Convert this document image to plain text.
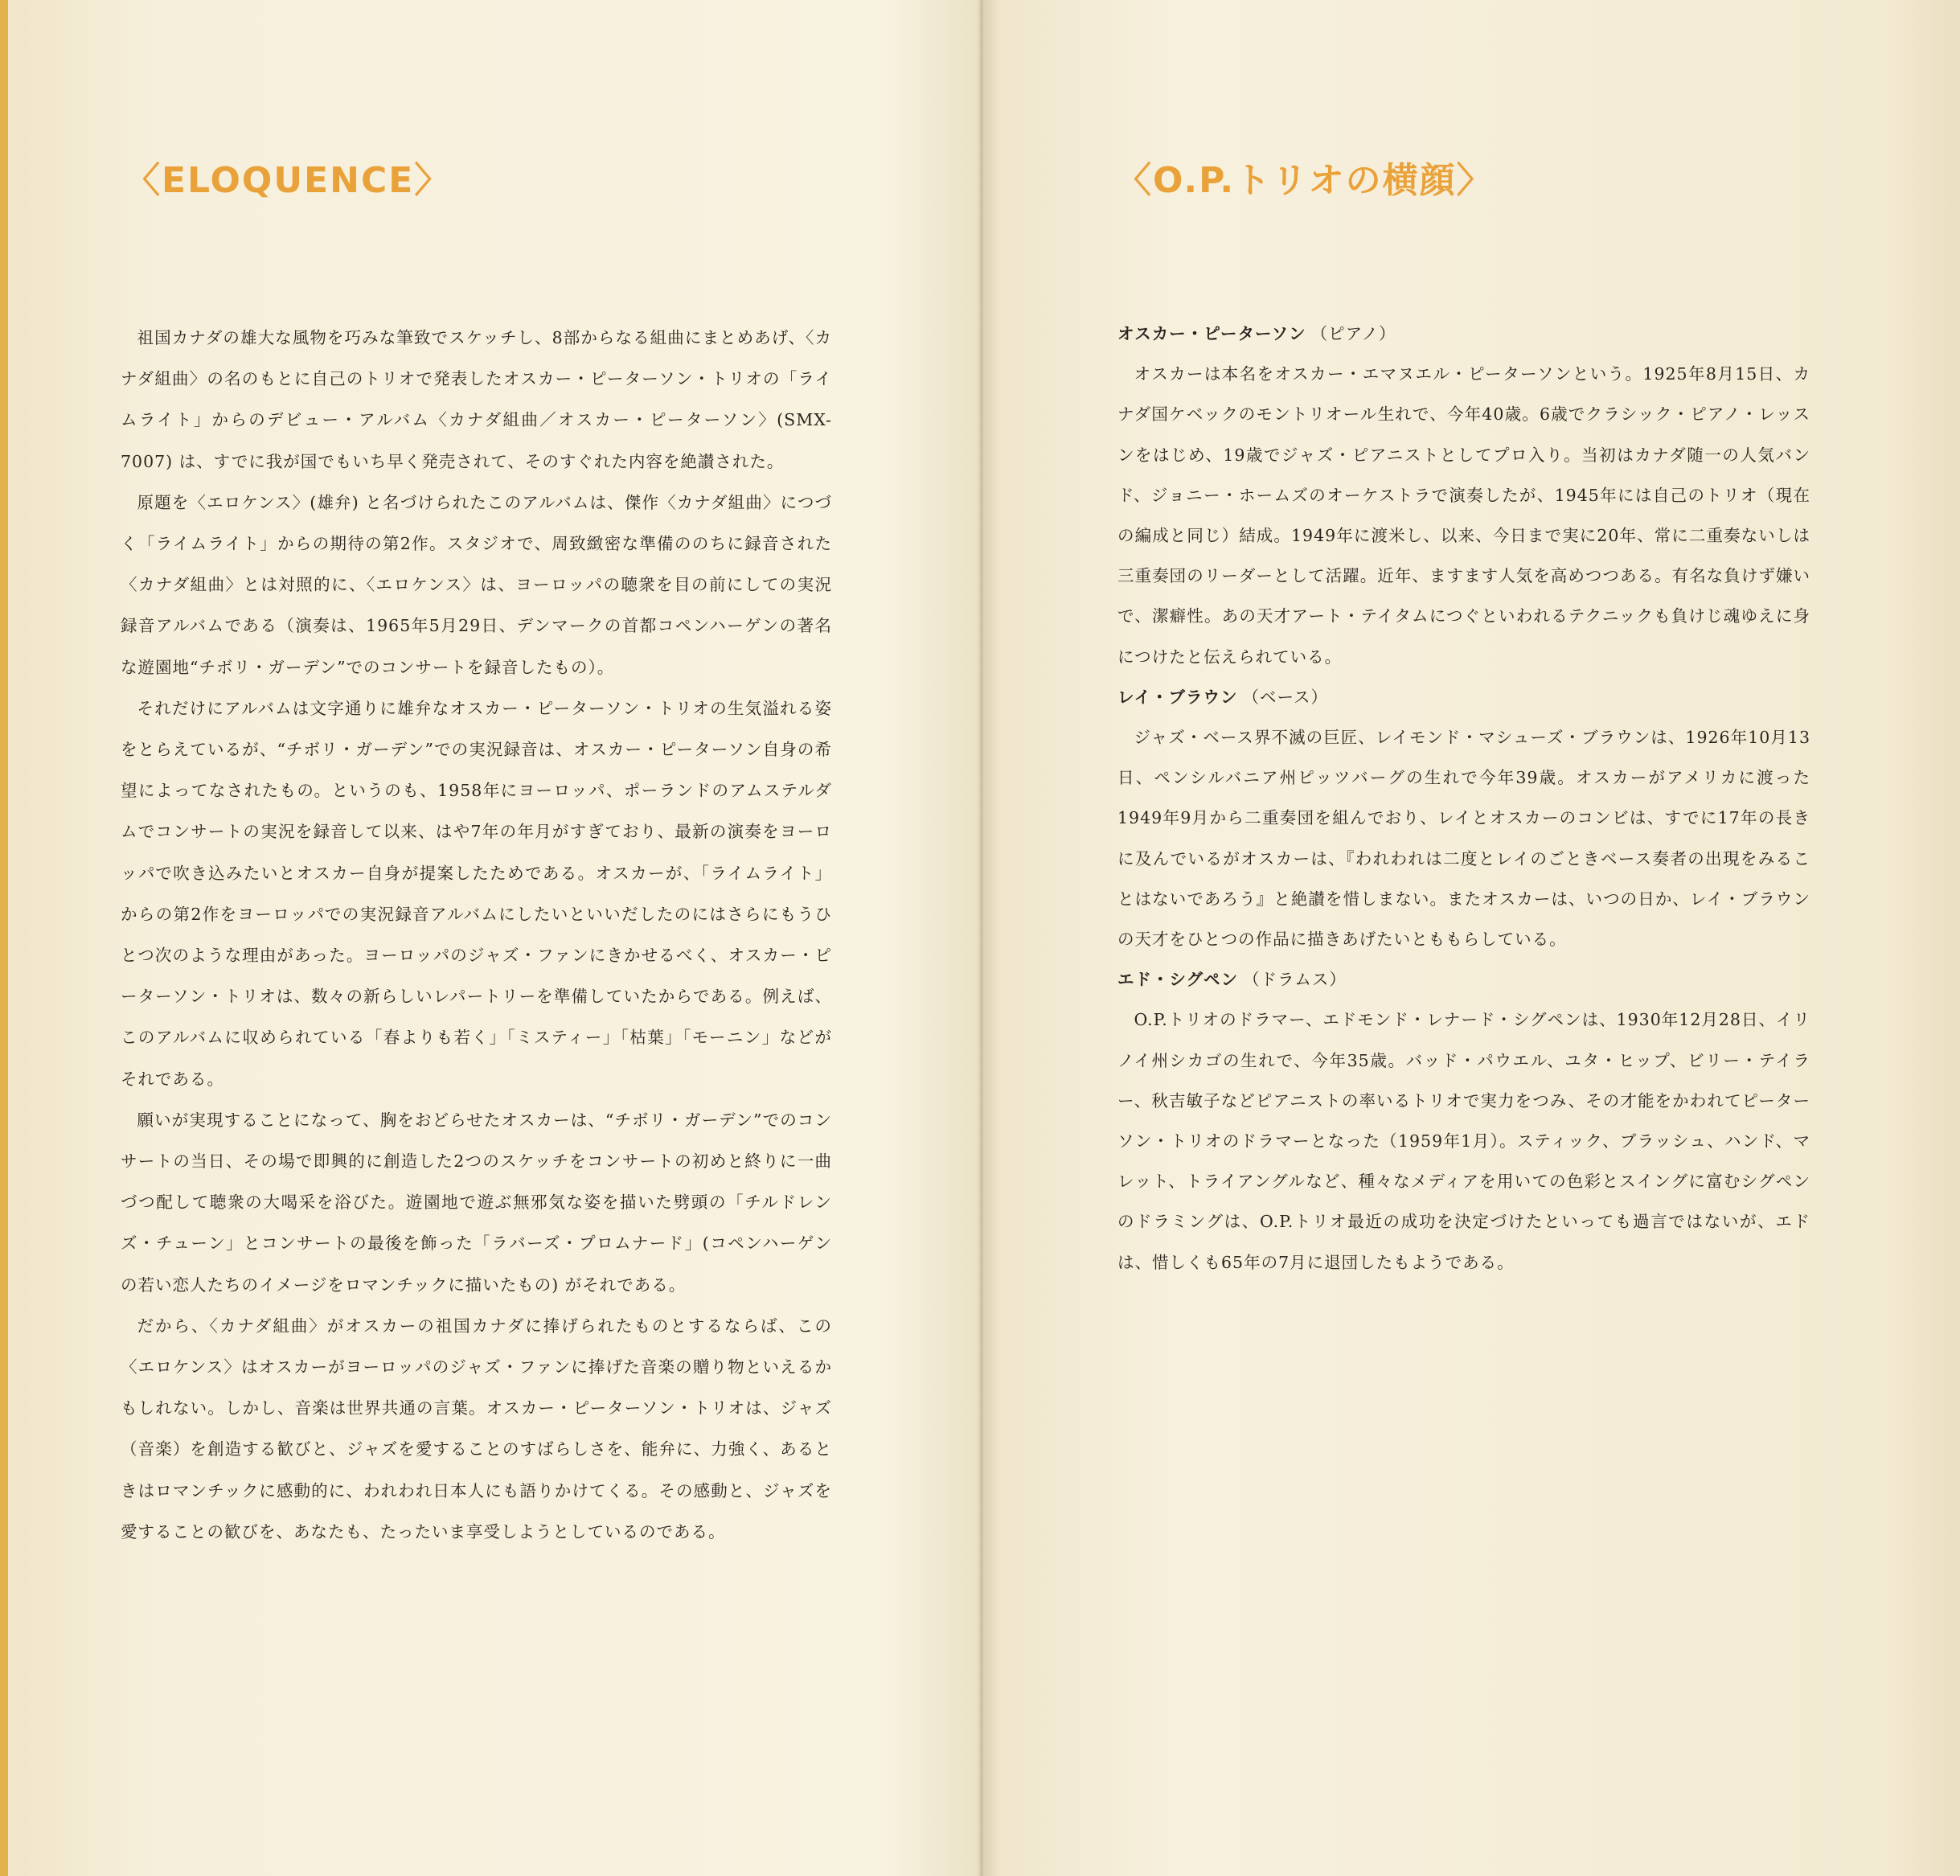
〈ELOQUENCE〉

祖国カナダの雄大な風物を巧みな筆致でスケッチし、8部からなる組曲にまとめあげ、〈カナダ組曲〉の名のもとに自己のトリオで発表したオスカー・ピーターソン・トリオの「ライムライト」からのデビュー・アルバム〈カナダ組曲／オスカー・ピーターソン〉(SMX-7007) は、すでに我が国でもいち早く発売されて、そのすぐれた内容を絶讃された。

原題を〈エロケンス〉(雄弁) と名づけられたこのアルバムは、傑作〈カナダ組曲〉につづく「ライムライト」からの期待の第2作。スタジオで、周致緻密な準備ののちに録音された〈カナダ組曲〉とは対照的に、〈エロケンス〉は、ヨーロッパの聴衆を目の前にしての実況録音アルバムである（演奏は、1965年5月29日、デンマークの首都コペンハーゲンの著名な遊園地“チボリ・ガーデン”でのコンサートを録音したもの）。

それだけにアルバムは文字通りに雄弁なオスカー・ピーターソン・トリオの生気溢れる姿をとらえているが、“チボリ・ガーデン”での実況録音は、オスカー・ピーターソン自身の希望によってなされたもの。というのも、1958年にヨーロッパ、ポーランドのアムステルダムでコンサートの実況を録音して以来、はや7年の年月がすぎており、最新の演奏をヨーロッパで吹き込みたいとオスカー自身が提案したためである。オスカーが、「ライムライト」からの第2作をヨーロッパでの実況録音アルバムにしたいといいだしたのにはさらにもうひとつ次のような理由があった。ヨーロッパのジャズ・ファンにきかせるべく、オスカー・ピーターソン・トリオは、数々の新らしいレパートリーを準備していたからである。例えば、このアルバムに収められている「春よりも若く」「ミスティー」「枯葉」「モーニン」などがそれである。

願いが実現することになって、胸をおどらせたオスカーは、“チボリ・ガーデン”でのコンサートの当日、その場で即興的に創造した2つのスケッチをコンサートの初めと終りに一曲づつ配して聴衆の大喝采を浴びた。遊園地で遊ぶ無邪気な姿を描いた劈頭の「チルドレンズ・チューン」とコンサートの最後を飾った「ラバーズ・プロムナード」(コペンハーゲンの若い恋人たちのイメージをロマンチックに描いたもの) がそれである。

だから、〈カナダ組曲〉がオスカーの祖国カナダに捧げられたものとするならば、この〈エロケンス〉はオスカーがヨーロッパのジャズ・ファンに捧げた音楽の贈り物といえるかもしれない。しかし、音楽は世界共通の言葉。オスカー・ピーターソン・トリオは、ジャズ（音楽）を創造する歓びと、ジャズを愛することのすばらしさを、能弁に、力強く、あるときはロマンチックに感動的に、われわれ日本人にも語りかけてくる。その感動と、ジャズを愛することの歓びを、あなたも、たったいま享受しようとしているのである。

〈O.P.トリオの横顔〉

オスカー・ピーターソン （ピアノ）

オスカーは本名をオスカー・エマヌエル・ピーターソンという。1925年8月15日、カナダ国ケベックのモントリオール生れで、今年40歳。6歳でクラシック・ピアノ・レッスンをはじめ、19歳でジャズ・ピアニストとしてプロ入り。当初はカナダ随一の人気バンド、ジョニー・ホームズのオーケストラで演奏したが、1945年には自己のトリオ（現在の編成と同じ）結成。1949年に渡米し、以来、今日まで実に20年、常に二重奏ないしは三重奏団のリーダーとして活躍。近年、ますます人気を高めつつある。有名な負けず嫌いで、潔癖性。あの天才アート・テイタムにつぐといわれるテクニックも負けじ魂ゆえに身につけたと伝えられている。

レイ・ブラウン （ベース）

ジャズ・ベース界不滅の巨匠、レイモンド・マシューズ・ブラウンは、1926年10月13日、ペンシルバニア州ピッツバーグの生れで今年39歳。オスカーがアメリカに渡った1949年9月から二重奏団を組んでおり、レイとオスカーのコンビは、すでに17年の長きに及んでいるがオスカーは、『われわれは二度とレイのごときベース奏者の出現をみることはないであろう』と絶讃を惜しまない。またオスカーは、いつの日か、レイ・ブラウンの天才をひとつの作品に描きあげたいとももらしている。

エド・シグペン （ドラムス）

O.P.トリオのドラマー、エドモンド・レナード・シグペンは、1930年12月28日、イリノイ州シカゴの生れで、今年35歳。バッド・パウエル、ユタ・ヒップ、ビリー・テイラー、秋吉敏子などピアニストの率いるトリオで実力をつみ、その才能をかわれてピーターソン・トリオのドラマーとなった（1959年1月）。スティック、ブラッシュ、ハンド、マレット、トライアングルなど、種々なメディアを用いての色彩とスイングに富むシグペンのドラミングは、O.P.トリオ最近の成功を決定づけたといっても過言ではないが、エドは、惜しくも65年の7月に退団したもようである。
